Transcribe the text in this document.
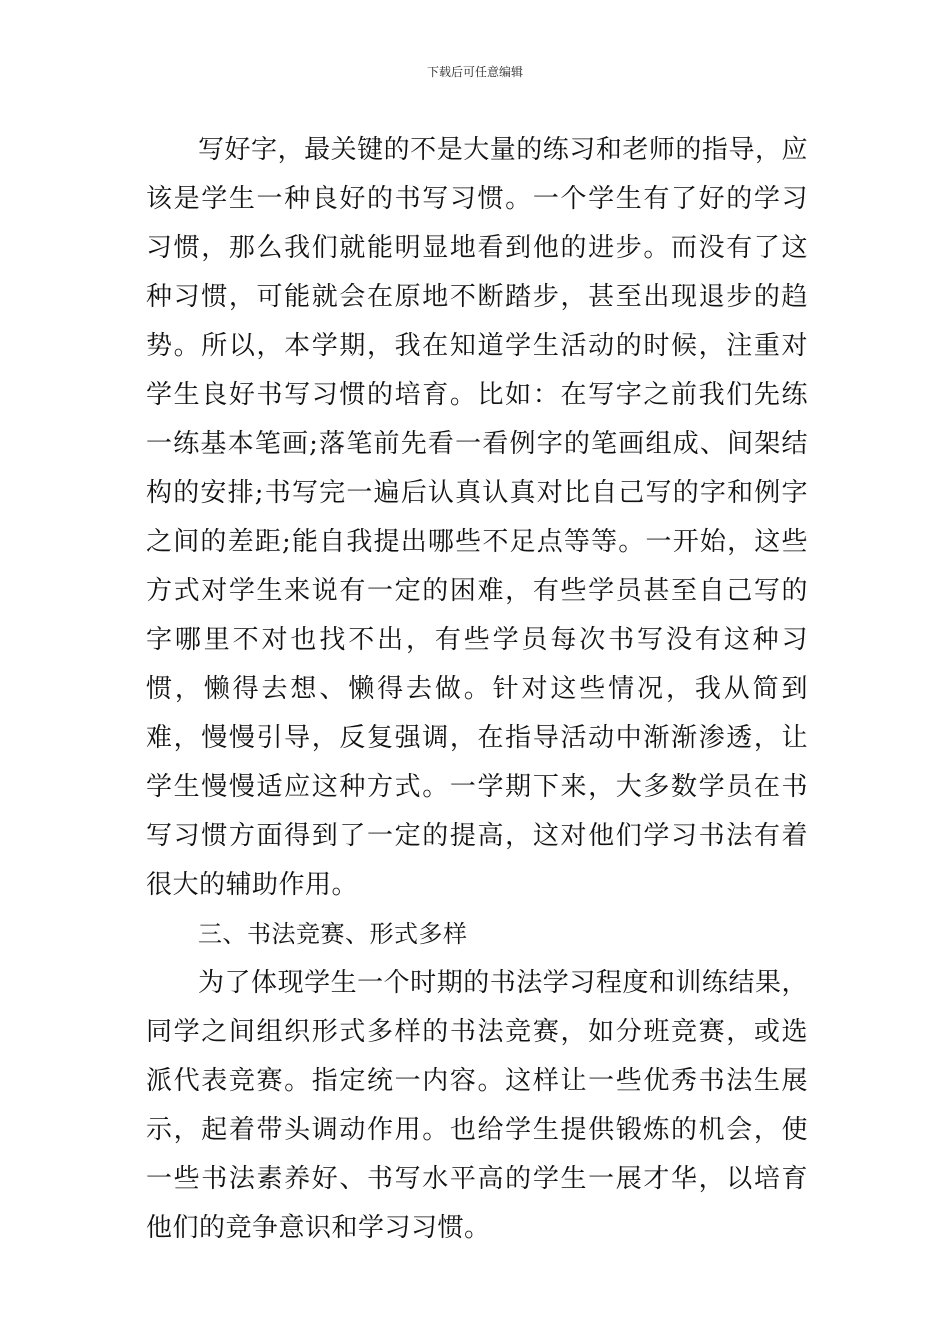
下载后可任意编辑

写好字，最关键的不是大量的练习和老师的指导，应该是学生一种良好的书写习惯。一个学生有了好的学习习惯，那么我们就能明显地看到他的进步。而没有了这种习惯，可能就会在原地不断踏步，甚至出现退步的趋势。所以，本学期，我在知道学生活动的时候，注重对学生良好书写习惯的培育。比如：在写字之前我们先练一练基本笔画;落笔前先看一看例字的笔画组成、间架结构的安排;书写完一遍后认真认真对比自己写的字和例字之间的差距;能自我提出哪些不足点等等。一开始，这些方式对学生来说有一定的困难，有些学员甚至自己写的字哪里不对也找不出，有些学员每次书写没有这种习惯，懒得去想、懒得去做。针对这些情况，我从简到难，慢慢引导，反复强调，在指导活动中渐渐渗透，让学生慢慢适应这种方式。一学期下来，大多数学员在书写习惯方面得到了一定的提高，这对他们学习书法有着很大的辅助作用。

三、书法竞赛、形式多样

为了体现学生一个时期的书法学习程度和训练结果，同学之间组织形式多样的书法竞赛，如分班竞赛，或选派代表竞赛。指定统一内容。这样让一些优秀书法生展示，起着带头调动作用。也给学生提供锻炼的机会，使一些书法素养好、书写水平高的学生一展才华，以培育他们的竞争意识和学习习惯。
